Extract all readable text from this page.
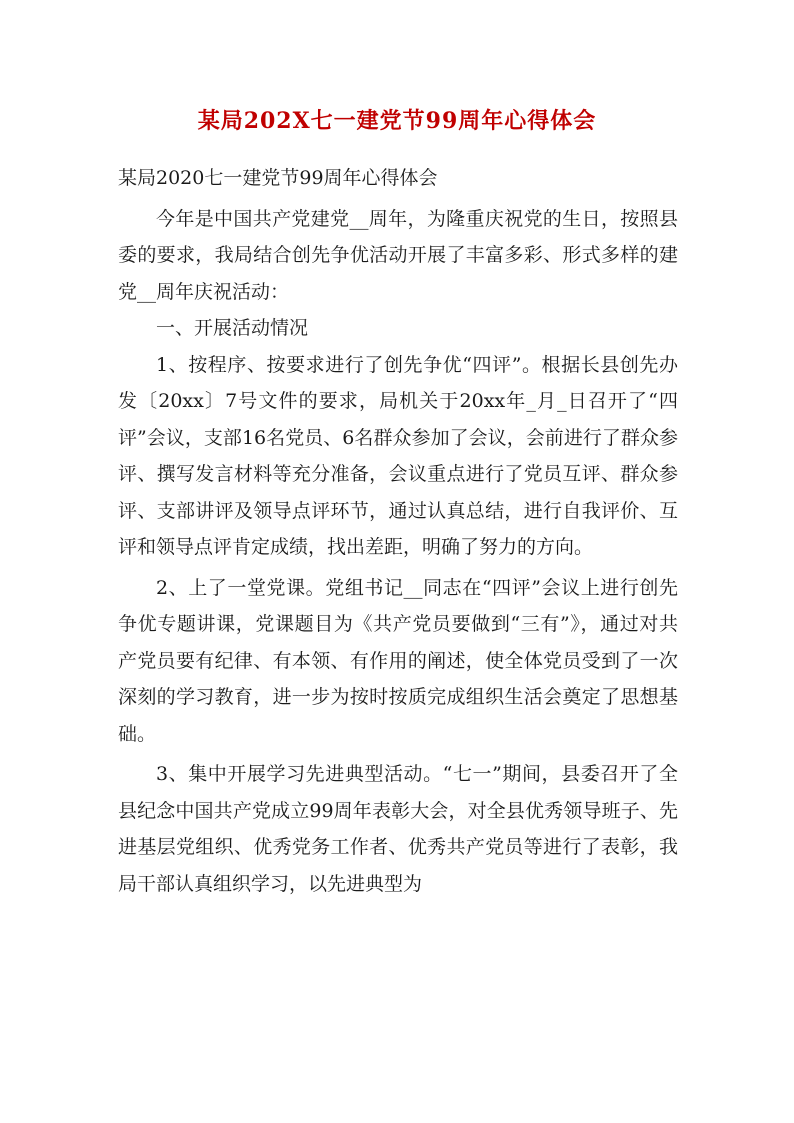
某局202X七一建党节99周年心得体会

某局2020七一建党节99周年心得体会

今年是中国共产党建党__周年，为隆重庆祝党的生日，按照县委的要求，我局结合创先争优活动开展了丰富多彩、形式多样的建党__周年庆祝活动：

一、开展活动情况

1、按程序、按要求进行了创先争优“四评”。根据长县创先办发〔20xx〕7号文件的要求，局机关于20xx年_月_日召开了“四评”会议，支部16名党员、6名群众参加了会议，会前进行了群众参评、撰写发言材料等充分准备，会议重点进行了党员互评、群众参评、支部讲评及领导点评环节，通过认真总结，进行自我评价、互评和领导点评肯定成绩，找出差距，明确了努力的方向。

2、上了一堂党课。党组书记__同志在“四评”会议上进行创先争优专题讲课，党课题目为《共产党员要做到“三有”》，通过对共产党员要有纪律、有本领、有作用的阐述，使全体党员受到了一次深刻的学习教育，进一步为按时按质完成组织生活会奠定了思想基础。

3、集中开展学习先进典型活动。“七一”期间，县委召开了全县纪念中国共产党成立99周年表彰大会，对全县优秀领导班子、先进基层党组织、优秀党务工作者、优秀共产党员等进行了表彰，我局干部认真组织学习，以先进典型为
